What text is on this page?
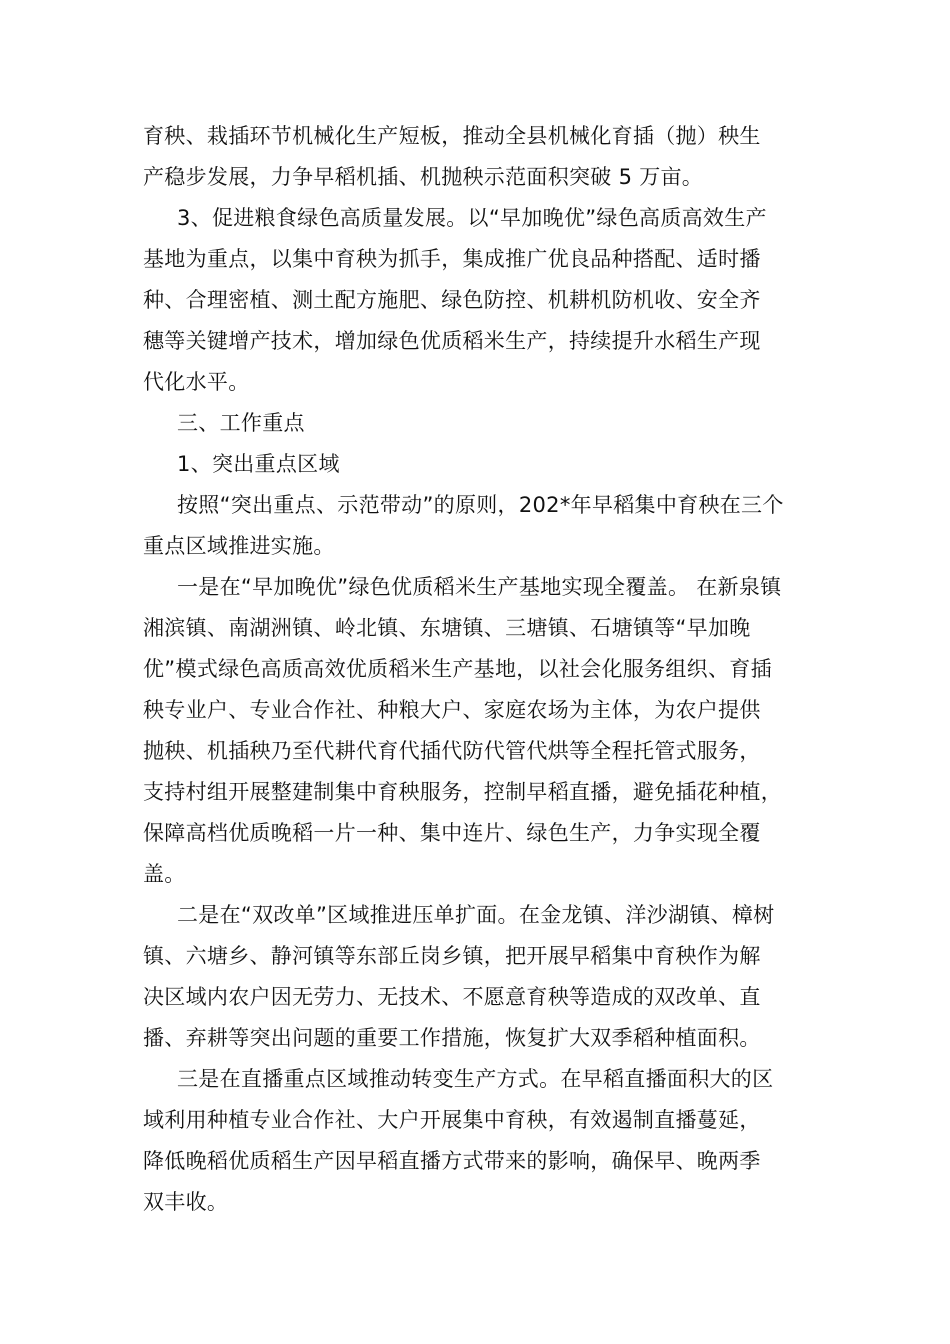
育秧、栽插环节机械化生产短板，推动全县机械化育插（抛）秧生
产稳步发展，力争早稻机插、机抛秧示范面积突破 5 万亩。
3、促进粮食绿色高质量发展。以“早加晚优”绿色高质高效生产
基地为重点，以集中育秧为抓手，集成推广优良品种搭配、适时播
种、合理密植、测土配方施肥、绿色防控、机耕机防机收、安全齐
穗等关键增产技术，增加绿色优质稻米生产，持续提升水稻生产现
代化水平。
三、工作重点
1、突出重点区域
按照“突出重点、示范带动”的原则，202*年早稻集中育秧在三个
重点区域推进实施。
一是在“早加晚优”绿色优质稻米生产基地实现全覆盖。 在新泉镇
湘滨镇、南湖洲镇、岭北镇、东塘镇、三塘镇、石塘镇等“早加晚
优”模式绿色高质高效优质稻米生产基地，以社会化服务组织、育插
秧专业户、专业合作社、种粮大户、家庭农场为主体，为农户提供
抛秧、机插秧乃至代耕代育代插代防代管代烘等全程托管式服务，
支持村组开展整建制集中育秧服务，控制早稻直播，避免插花种植，
保障高档优质晚稻一片一种、集中连片、绿色生产，力争实现全覆
盖。
二是在“双改单”区域推进压单扩面。在金龙镇、洋沙湖镇、樟树
镇、六塘乡、静河镇等东部丘岗乡镇，把开展早稻集中育秧作为解
决区域内农户因无劳力、无技术、不愿意育秧等造成的双改单、直
播、弃耕等突出问题的重要工作措施，恢复扩大双季稻种植面积。
三是在直播重点区域推动转变生产方式。在早稻直播面积大的区
域利用种植专业合作社、大户开展集中育秧，有效遏制直播蔓延，
降低晚稻优质稻生产因早稻直播方式带来的影响，确保早、晚两季
双丰收。
